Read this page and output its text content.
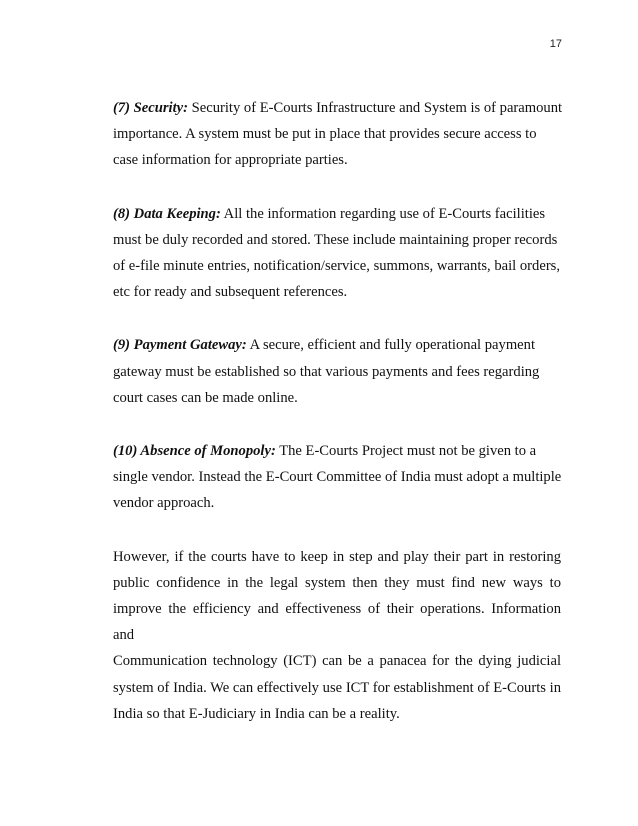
17

(7) Security: Security of E-Courts Infrastructure and System is of paramount
importance. A system must be put in place that provides secure access to
case information for appropriate parties.

(8) Data Keeping: All the information regarding use of E-Courts facilities
must be duly recorded and stored. These include maintaining proper records
of e-file minute entries, notification/service, summons, warrants, bail orders,
etc for ready and subsequent references.

(9) Payment Gateway: A secure, efficient and fully operational payment
gateway must be established so that various payments and fees regarding
court cases can be made online.

(10) Absence of Monopoly: The E-Courts Project must not be given to a
single vendor. Instead the E-Court Committee of India must adopt a multiple
vendor approach.

However, if the courts have to keep in step and play their part in restoring
public confidence in the legal system then they must find new ways to
improve the efficiency and effectiveness of their operations. Information and
Communication technology (ICT) can be a panacea for the dying judicial
system of India. We can effectively use ICT for establishment of E-Courts in
India so that E-Judiciary in India can be a reality.
